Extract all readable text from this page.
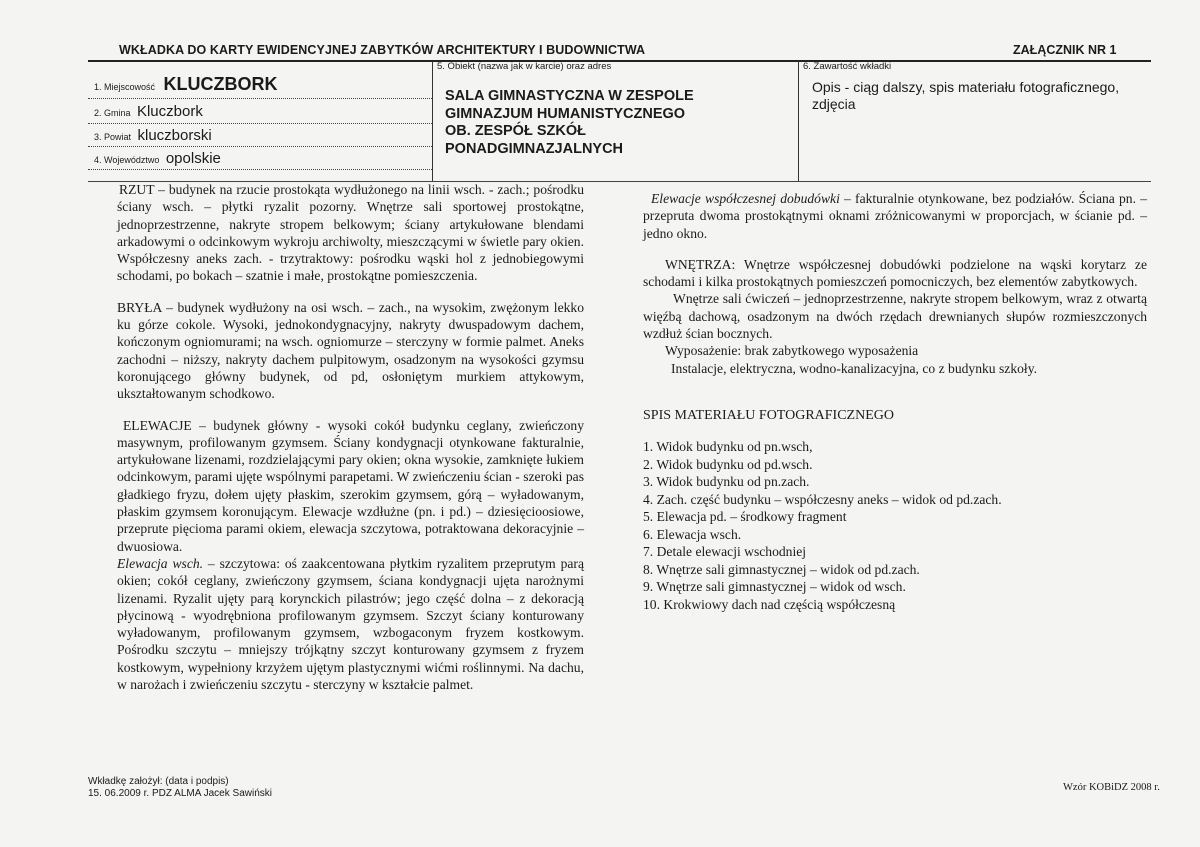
WKŁADKA DO KARTY EWIDENCYJNEJ ZABYTKÓW ARCHITEKTURY I BUDOWNICTWA	ZAŁĄCZNIK NR 1
1. Miejscowość KLUCZBORK
2. Gmina Kluczbork
3. Powiat kluczborski
4. Województwo opolskie
5. Obiekt (nazwa jak w karcie) oraz adres
SALA GIMNASTYCZNA W ZESPOLE
GIMNAZJUM HUMANISTYCZNEGO
OB. ZESPÓŁ SZKÓŁ
PONADGIMNAZJALNYCH
6. Zawartość wkładki
Opis - ciąg dalszy, spis materiału fotograficznego, zdjęcia

RZUT – budynek na rzucie prostokąta wydłużonego na linii wsch. - zach.; pośrodku ściany wsch. – płytki ryzalit pozorny. Wnętrze sali sportowej prostokątne, jednoprzestrzenne, nakryte stropem belkowym; ściany artykułowane blendami arkadowymi o odcinkowym wykroju archiwolty, mieszczącymi w świetle pary okien. Współczesny aneks zach. - trzytraktowy: pośrodku wąski hol z jednobiegowymi schodami, po bokach – szatnie i małe, prostokątne pomieszczenia.

BRYŁA – budynek wydłużony na osi wsch. – zach., na wysokim, zwężonym lekko ku górze cokole. Wysoki, jednokondygnacyjny, nakryty dwuspadowym dachem, kończonym ogniomurami; na wsch. ogniomurze – sterczyny w formie palmet. Aneks zachodni – niższy, nakryty dachem pulpitowym, osadzonym na wysokości gzymsu koronującego główny budynek, od pd, osłoniętym murkiem attykowym, ukształtowanym schodkowo.

ELEWACJE – budynek główny - wysoki cokół budynku ceglany, zwieńczony masywnym, profilowanym gzymsem. Ściany kondygnacji otynkowane fakturalnie, artykułowane lizenami, rozdzielającymi pary okien; okna wysokie, zamknięte łukiem odcinkowym, parami ujęte wspólnymi parapetami. W zwieńczeniu ścian - szeroki pas gładkiego fryzu, dołem ujęty płaskim, szerokim gzymsem, górą – wyładowanym, płaskim gzymsem koronującym. Elewacje wzdłużne (pn. i pd.) – dziesięcioosiowe, przeprute pięcioma parami okiem, elewacja szczytowa, potraktowana dekoracyjnie – dwuosiowa.

Elewacja wsch. – szczytowa: oś zaakcentowana płytkim ryzalitem przeprutym parą okien; cokół ceglany, zwieńczony gzymsem, ściana kondygnacji ujęta narożnymi lizenami. Ryzalit ujęty parą korynckich pilastrów; jego część dolna – z dekoracją płycinową - wyodrębniona profilowanym gzymsem. Szczyt ściany konturowany wyładowanym, profilowanym gzymsem, wzbogaconym fryzem kostkowym. Pośrodku szczytu – mniejszy trójkątny szczyt konturowany gzymsem z fryzem kostkowym, wypełniony krzyżem ujętym plastycznymi wićmi roślinnymi. Na dachu, w narożach i zwieńczeniu szczytu - sterczyny w kształcie palmet.

Elewacje współczesnej dobudówki – fakturalnie otynkowane, bez podziałów. Ściana pn. – przepruta dwoma prostokątnymi oknami zróżnicowanymi w proporcjach, w ścianie pd. – jedno okno.

WNĘTRZA: Wnętrze współczesnej dobudówki podzielone na wąski korytarz ze schodami i kilka prostokątnych pomieszczeń pomocniczych, bez elementów zabytkowych.

Wnętrze sali ćwiczeń – jednoprzestrzenne, nakryte stropem belkowym, wraz z otwartą więźbą dachową, osadzonym na dwóch rzędach drewnianych słupów rozmieszczonych wzdłuż ścian bocznych.

Wyposażenie: brak zabytkowego wyposażenia

Instalacje, elektryczna, wodno-kanalizacyjna, co z budynku szkoły.

SPIS MATERIAŁU FOTOGRAFICZNEGO
1. Widok budynku od pn.wsch,
2. Widok budynku od pd.wsch.
3. Widok budynku od pn.zach.
4. Zach. część budynku – współczesny aneks – widok od pd.zach.
5. Elewacja pd. – środkowy fragment
6. Elewacja wsch.
7. Detale elewacji wschodniej
8. Wnętrze sali gimnastycznej – widok od pd.zach.
9. Wnętrze sali gimnastycznej – widok od wsch.
10. Krokwiowy dach nad częścią współczesną
Wkładkę założył: (data i podpis)
15. 06.2009 r. PDZ ALMA Jacek Sawiński
Wzór KOBiDZ 2008 r.
